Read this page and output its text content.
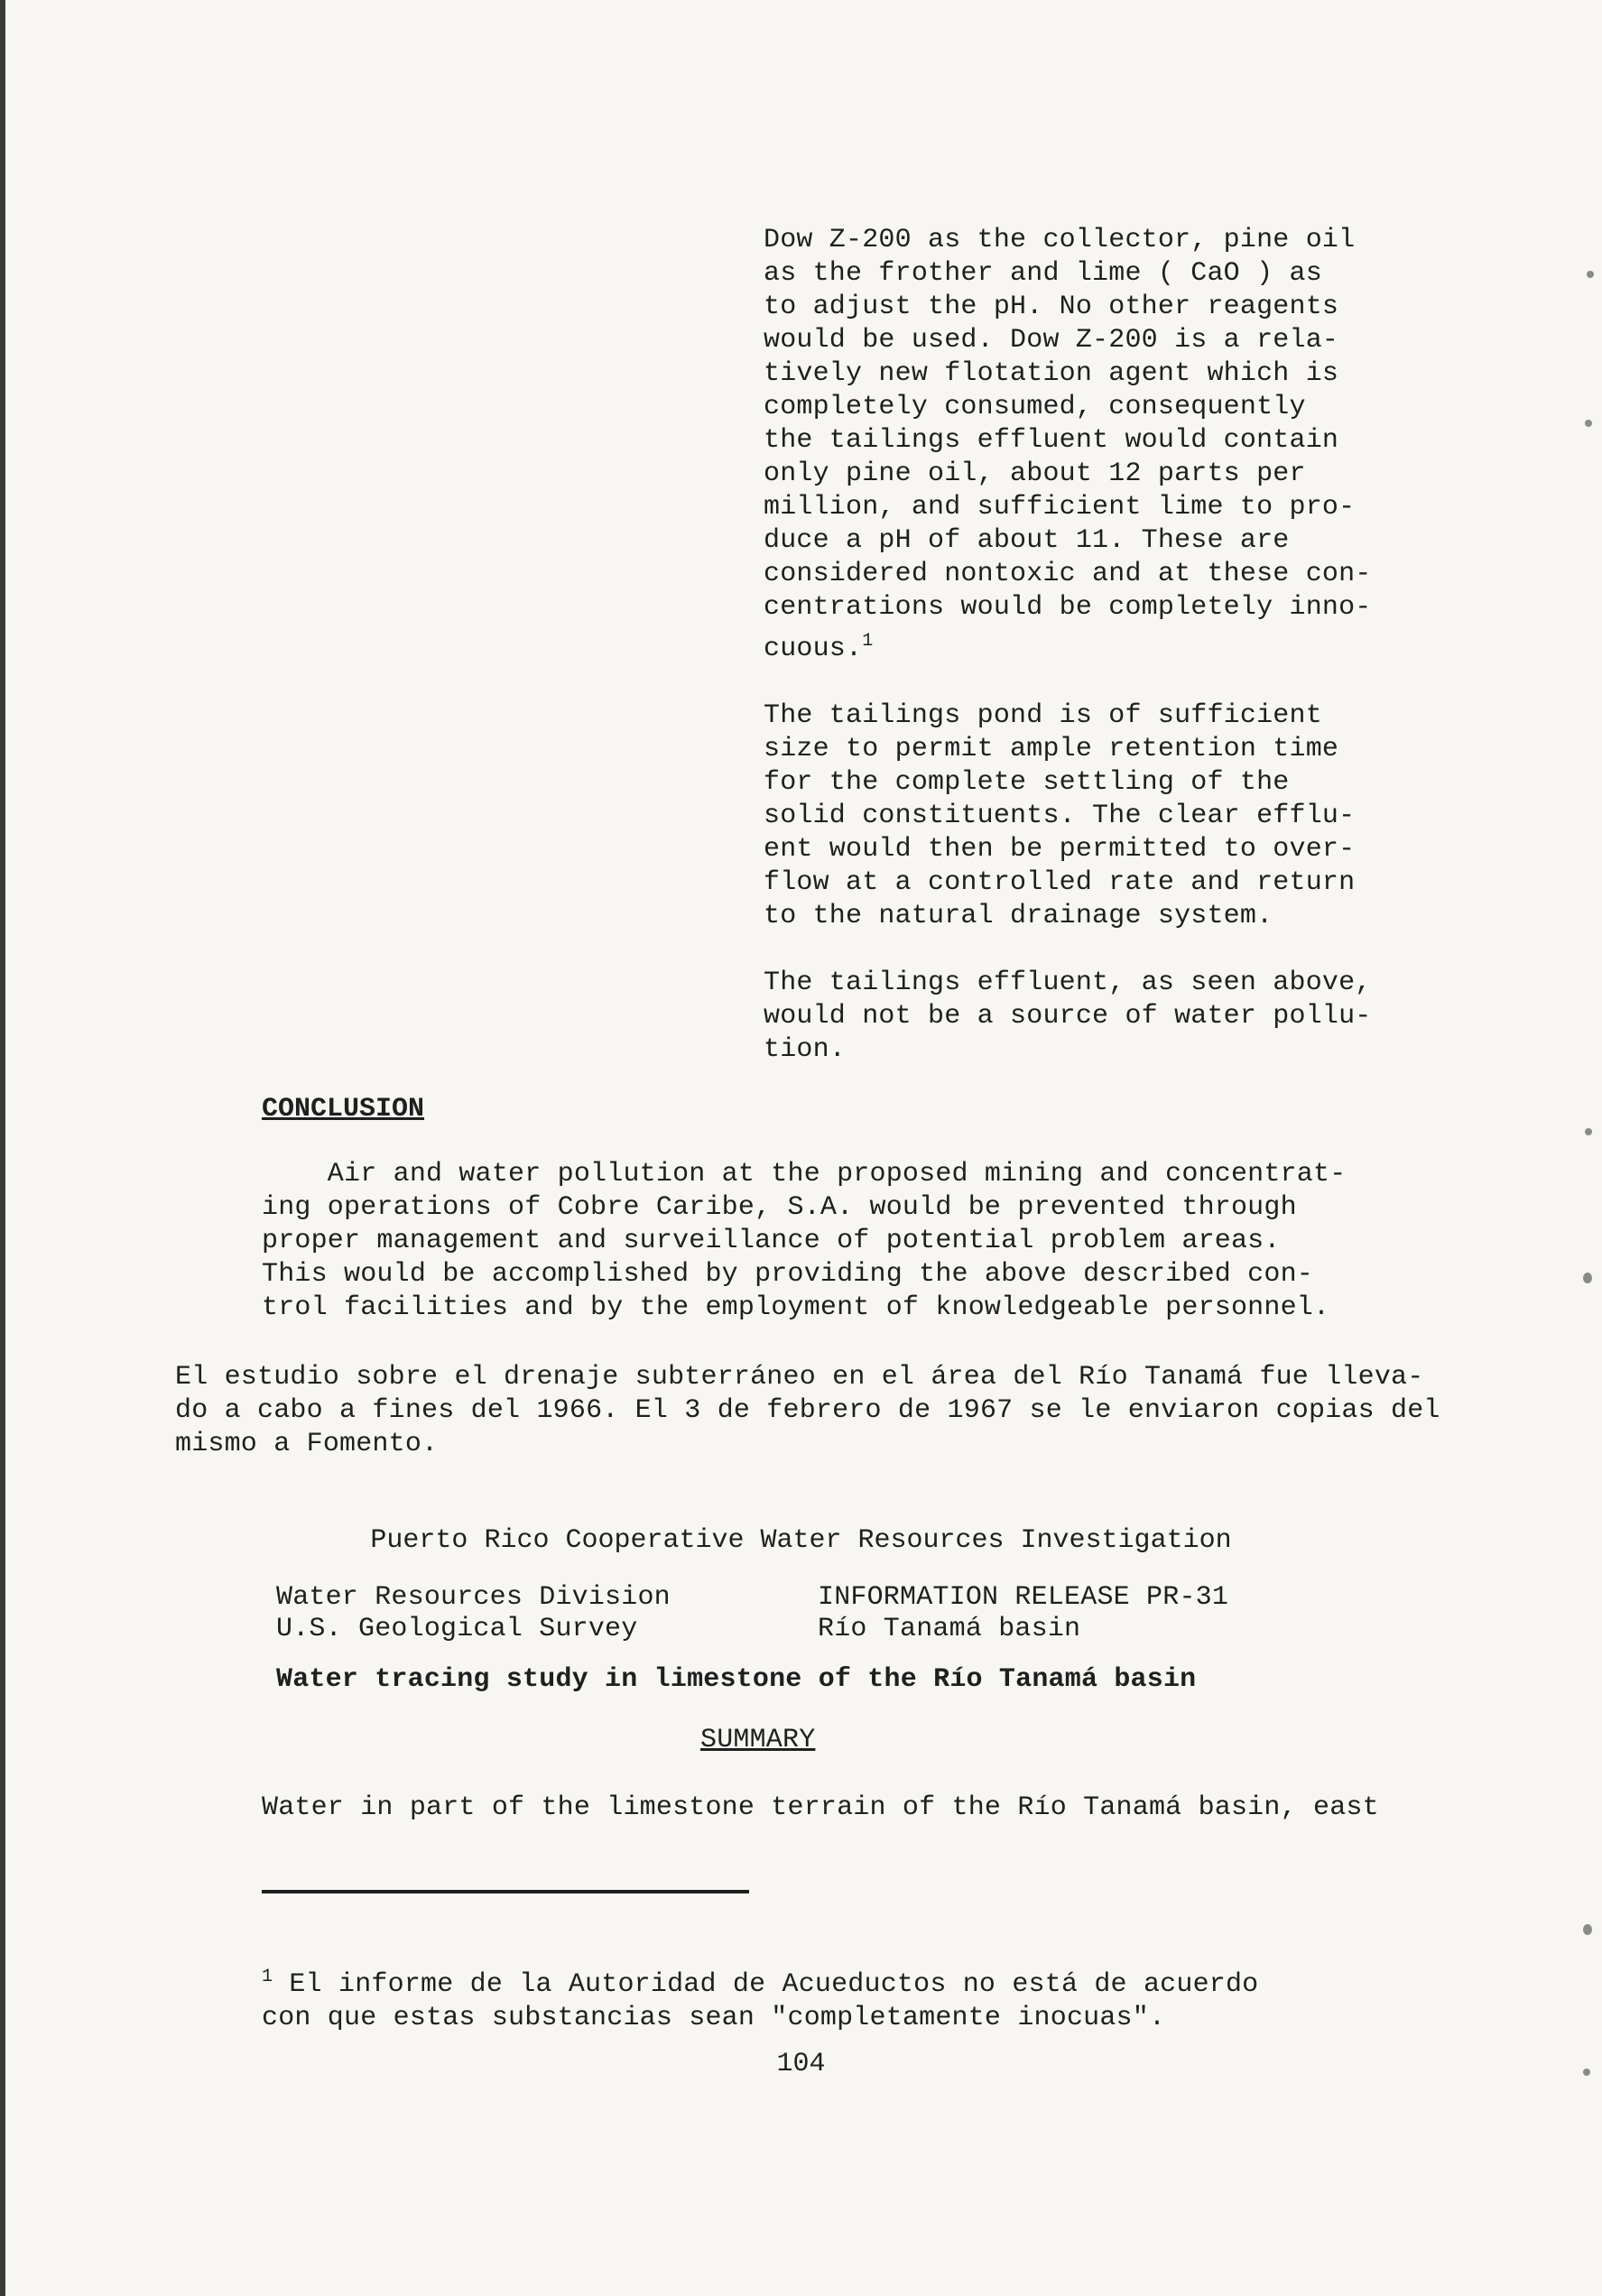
Dow Z-200 as the collector, pine oil
as the frother and lime ( CaO ) as
to adjust the pH. No other reagents
would be used. Dow Z-200 is a rela-
tively new flotation agent which is
completely consumed, consequently
the tailings effluent would contain
only pine oil, about 12 parts per
million, and sufficient lime to pro-
duce a pH of about 11. These are
considered nontoxic and at these con-
centrations would be completely inno-
cuous.$^1$
The tailings pond is of sufficient
size to permit ample retention time
for the complete settling of the
solid constituents. The clear efflu-
ent would then be permitted to over-
flow at a controlled rate and return
to the natural drainage system.
The tailings effluent, as seen above,
would not be a source of water pollu-
tion.
CONCLUSION
Air and water pollution at the proposed mining and concentrat-
ing operations of Cobre Caribe, S.A. would be prevented through
proper management and surveillance of potential problem areas.
This would be accomplished by providing the above described con-
trol facilities and by the employment of knowledgeable personnel.
El estudio sobre el drenaje subterráneo en el área del Río Tanamá fue lleva-
do a cabo a fines del 1966. El 3 de febrero de 1967 se le enviaron copias del
mismo a Fomento.
Puerto Rico Cooperative Water Resources Investigation
Water Resources Division
U.S. Geological Survey
INFORMATION RELEASE PR-31
Río Tanamá basin
Water tracing study in limestone of the Río Tanamá basin
SUMMARY
Water in part of the limestone terrain of the Río Tanamá basin, east
$^1$ El informe de la Autoridad de Acueductos no está de acuerdo
con que estas substancias sean "completamente inocuas".
104
